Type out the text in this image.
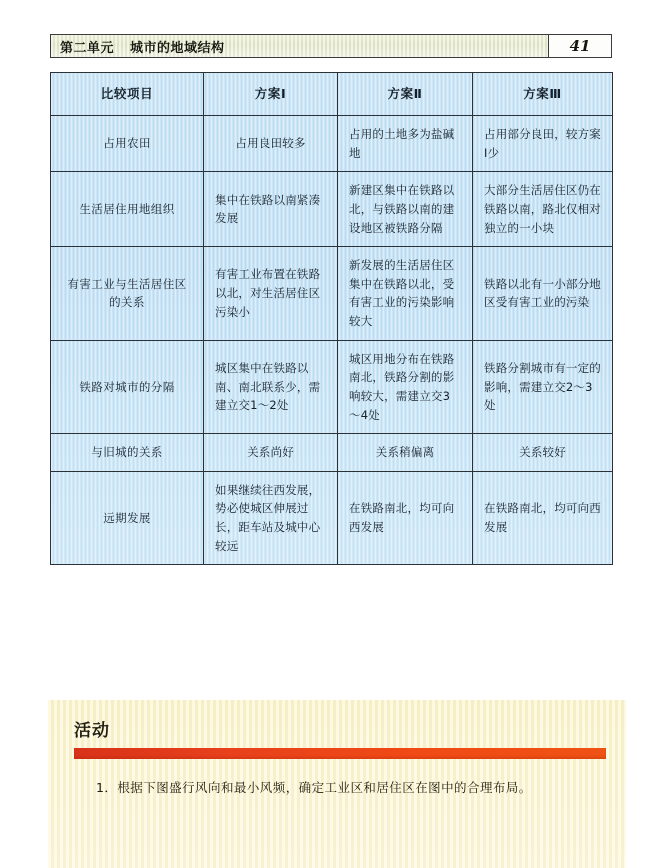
第二单元 城市的地域结构	41
比较项目	方案Ⅰ	方案Ⅱ	方案Ⅲ
占用农田	占用良田较多	占用的土地多为盐碱地	占用部分良田，较方案Ⅰ少
生活居住用地组织	集中在铁路以南紧凑发展	新建区集中在铁路以北，与铁路以南的建设地区被铁路分隔	大部分生活居住区仍在铁路以南，路北仅相对独立的一小块
有害工业与生活居住区的关系	有害工业布置在铁路以北，对生活居住区污染小	新发展的生活居住区集中在铁路以北，受有害工业的污染影响较大	铁路以北有一小部分地区受有害工业的污染
铁路对城市的分隔	城区集中在铁路以南、南北联系少，需建立交1～2处	城区用地分布在铁路南北，铁路分割的影响较大，需建立交3～4处	铁路分割城市有一定的影响，需建立交2～3处
与旧城的关系	关系尚好	关系稍偏离	关系较好
远期发展	如果继续往西发展，势必使城区伸展过长，距车站及城中心较远	在铁路南北，均可向西发展	在铁路南北，均可向西发展
活动
1．根据下图盛行风向和最小风频，确定工业区和居住区在图中的合理布局。
